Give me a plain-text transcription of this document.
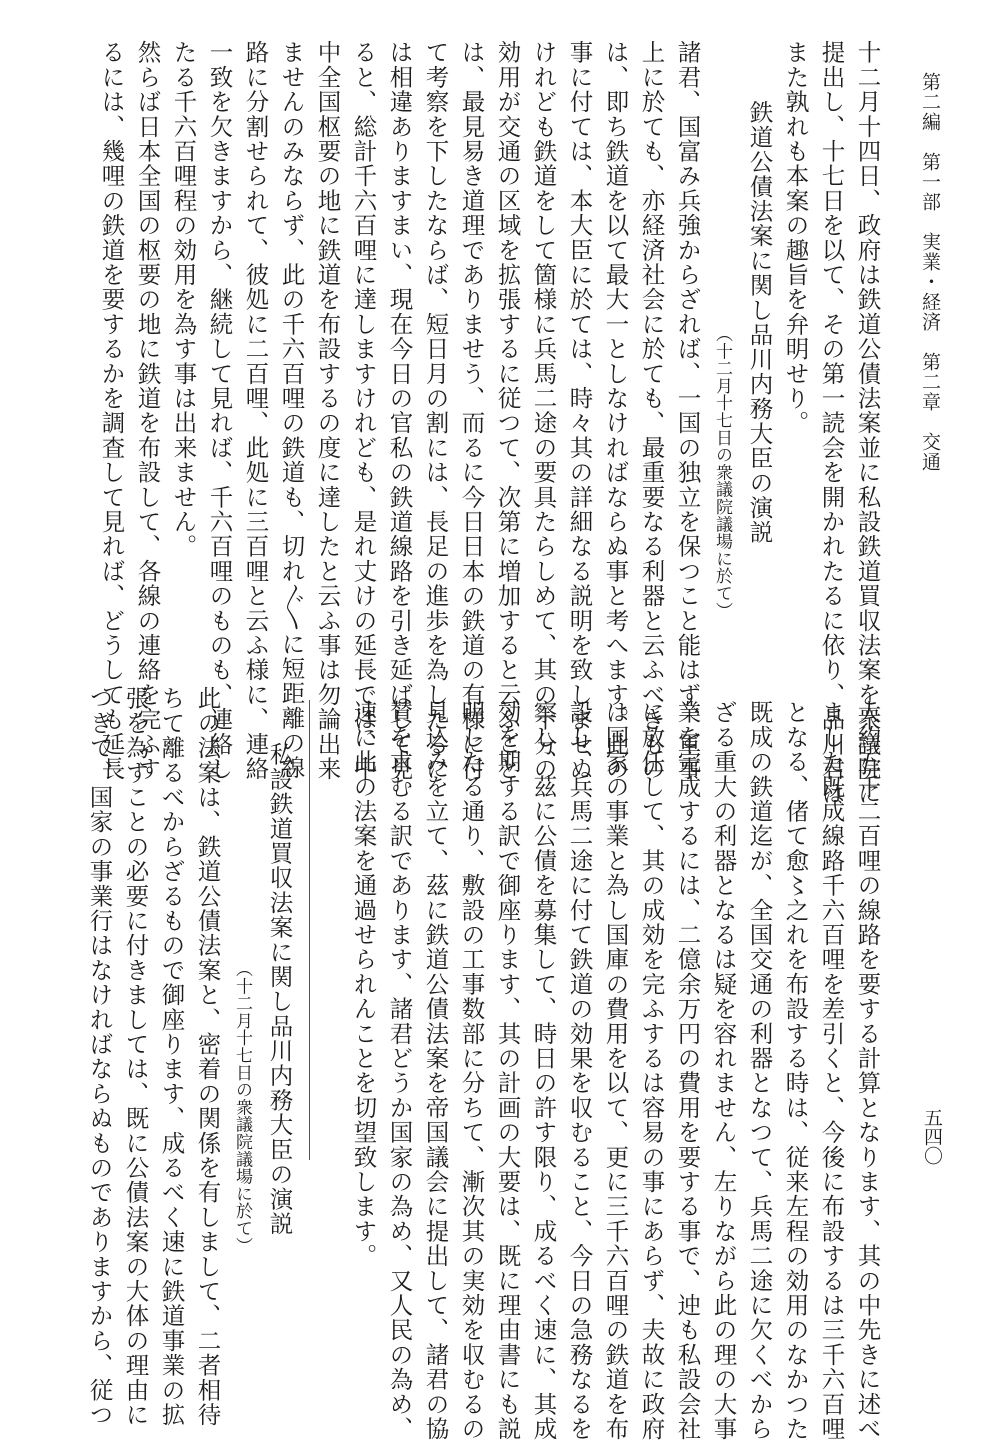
第二編　第一部　実業・経済　第二章　交通
五四〇
十二月十四日、政府は鉄道公債法案並に私設鉄道買収法案を衆議院に
提出し、十七日を以て、その第一読会を開かれたるに依り、品川君は
また孰れも本案の趣旨を弁明せり。
鉄道公債法案に関し品川内務大臣の演説
（十二月十七日の衆議院議場に於て）
諸君、国富み兵強からざれば、一国の独立を保つこと能はず、軍事
上に於ても、亦経済社会に於ても、最重要なる利器と云ふべきもの
は、即ち鉄道を以て最大一としなければならぬ事と考へます。此の
事に付ては、本大臣に於ては、時々其の詳細なる説明を致しませぬ
けれども鉄道をして箇様に兵馬二途の要具たらしめて、其の十分の
効用が交通の区域を拡張するに従つて、次第に増加すると云ふこと
は、最見易き道理でありませう、而るに今日日本の鉄道の有様に付
て考察を下したならば、短日月の割には、長足の進歩を為したるに
は相違ありますまい、現在今日の官私の鉄道線路を引き延ばして見
ると、総計千六百哩に達しますけれども、是れ丈けの延長では、中
中全国枢要の地に鉄道を布設するの度に達したと云ふ事は勿論出来
ませんのみならず、此の千六百哩の鉄道も、切れ〲に短距離の線
路に分割せられて、彼処に二百哩、此処に三百哩と云ふ様に、連絡
一致を欠きますから、継続して見れば、千六百哩のものも、連絡し
たる千六百哩程の効用を為す事は出来ません。
然らば日本全国の枢要の地に鉄道を布設して、各線の連絡を完ふす
るには、幾哩の鉄道を要するかを調査して見れば、どうしても延長
大約五千二百哩の線路を要する計算となります、其の中先きに述べ
ました既成線路千六百哩を差引くと、今後に布設するは三千六百哩
となる、偖て愈〻之れを布設する時は、従来左程の効用のなかつた
既成の鉄道迄が、全国交通の利器となつて、兵馬二途に欠くべから
ざる重大の利器となるは疑を容れません、左りながら此の理の大事
業を完成するには、二億余万円の費用を要する事で、迚も私設会社
に放任して、其の成効を完ふするは容易の事にあらず、夫故に政府
は国家の事業と為し国庫の費用を以て、更に三千六百哩の鉄道を布
設し、兵馬二途に付て鉄道の効果を収むること、今日の急務なるを
察し、茲に公債を募集して、時日の許す限り、成るべく速に、其成
効を期する訳で御座ります、其の計画の大要は、既に理由書にも説
明したる通り、敷設の工事数部に分ちて、漸次其の実効を収むるの
見込みを立て、茲に鉄道公債法案を帝国議会に提出して、諸君の協
賛を求むる訳であります、諸君どうか国家の為め、又人民の為め、
速に此の法案を通過せられんことを切望致します。
私設鉄道買収法案に関し品川内務大臣の演説
（十二月十七日の衆議院議場に於て）
此の法案は、鉄道公債法案と、密着の関係を有しまして、二者相待
ちて離るべからざるもので御座ります、成るべく速に鉄道事業の拡
張を為すことの必要に付きましては、既に公債法案の大体の理由に
つきて、国家の事業行はなければならぬものでありますから、従つ
